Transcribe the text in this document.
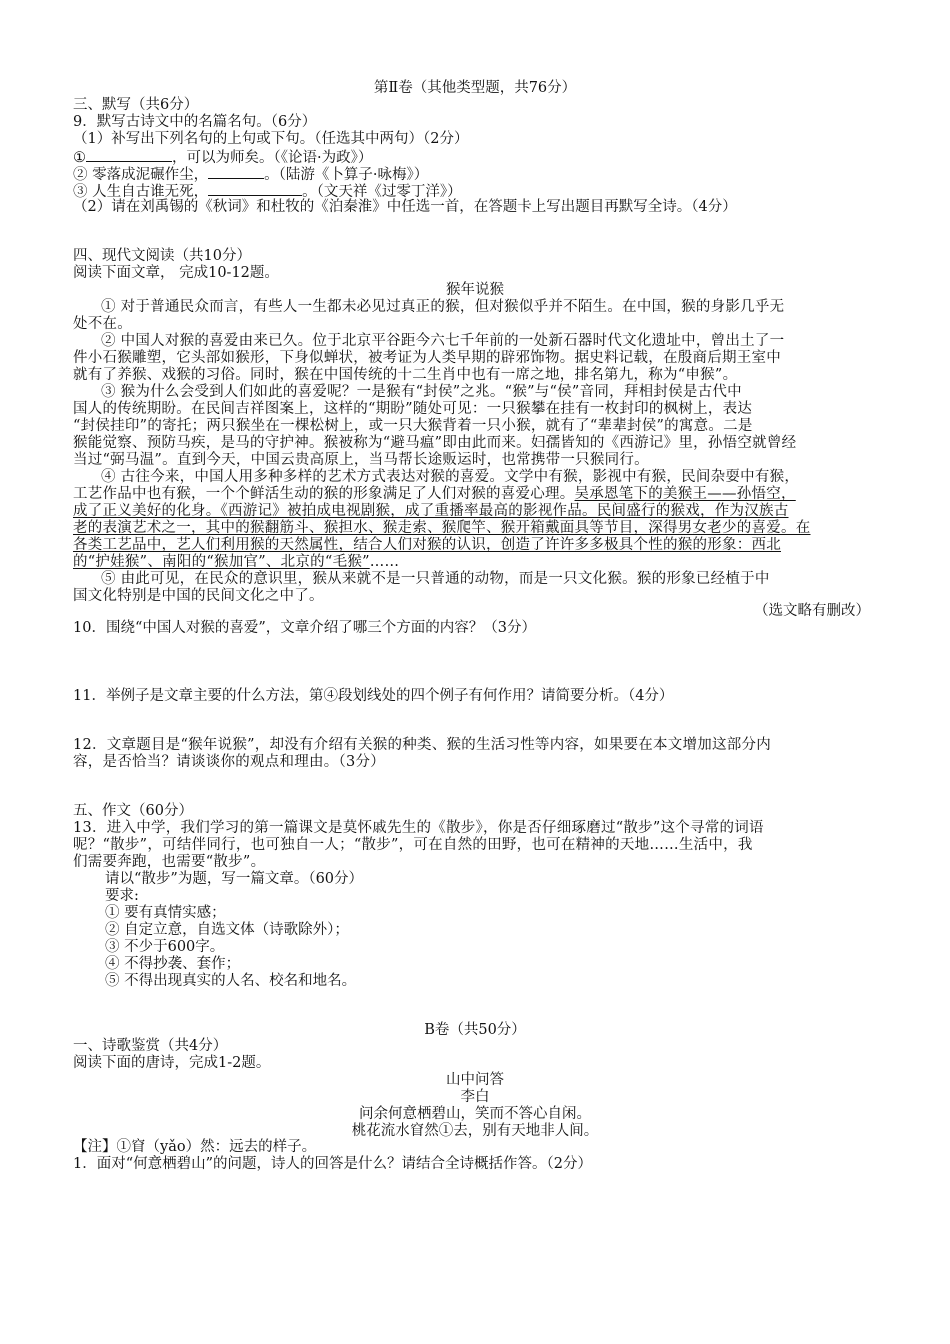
第Ⅱ卷（其他类型题，共76分）
三、默写（共6分）
9．默写古诗文中的名篇名句。（6分）
（1）补写出下列名句的上句或下句。（任选其中两句）（2分）
①	，可以为师矣。（《论语·为政》）
② 零落成泥碾作尘，	。（陆游《卜算子·咏梅》）
③ 人生自古谁无死，	。（文天祥《过零丁洋》）
（2）请在刘禹锡的《秋词》和杜牧的《泊秦淮》中任选一首，在答题卡上写出题目再默写全诗。（4分）
四、现代文阅读（共10分）
阅读下面文章， 完成10-12题。
猴年说猴
① 对于普通民众而言，有些人一生都未必见过真正的猴，但对猴似乎并不陌生。在中国，猴的身影几乎无
处不在。
② 中国人对猴的喜爱由来已久。位于北京平谷距今六七千年前的一处新石器时代文化遗址中，曾出土了一
件小石猴雕塑，它头部如猴形，下身似蝉状，被考证为人类早期的辟邪饰物。据史料记载，在殷商后期王室中
就有了养猴、戏猴的习俗。同时，猴在中国传统的十二生肖中也有一席之地，排名第九，称为“申猴”。
③ 猴为什么会受到人们如此的喜爱呢？一是猴有“封侯”之兆。“猴”与“侯”音同，拜相封侯是古代中
国人的传统期盼。在民间吉祥图案上，这样的“期盼”随处可见：一只猴攀在挂有一枚封印的枫树上，表达
“封侯挂印”的寄托；两只猴坐在一棵松树上，或一只大猴背着一只小猴，就有了“辈辈封侯”的寓意。二是
猴能觉察、预防马疾，是马的守护神。猴被称为“避马瘟”即由此而来。妇孺皆知的《西游记》里，孙悟空就曾经
当过“弼马温”。直到今天，中国云贵高原上，当马帮长途贩运时，也常携带一只猴同行。
④ 古往今来，中国人用多种多样的艺术方式表达对猴的喜爱。文学中有猴，影视中有猴，民间杂耍中有猴，
工艺作品中也有猴，一个个鲜活生动的猴的形象满足了人们对猴的喜爱心理。吴承恩笔下的美猴王——孙悟空，
成了正义美好的化身。《西游记》被拍成电视剧猴，成了重播率最高的影视作品。民间盛行的猴戏，作为汉族古
老的表演艺术之一，其中的猴翻筋斗、猴担水、猴走索、猴爬竿、猴开箱戴面具等节目，深得男女老少的喜爱。在
各类工艺品中，艺人们利用猴的天然属性，结合人们对猴的认识，创造了许许多多极具个性的猴的形象：西北
的“护娃猴”、南阳的“猴加官”、北京的“毛猴”……
⑤ 由此可见，在民众的意识里，猴从来就不是一只普通的动物，而是一只文化猴。猴的形象已经植于中
国文化特别是中国的民间文化之中了。
（选文略有删改）
10．围绕“中国人对猴的喜爱”，文章介绍了哪三个方面的内容？（3分）
11．举例子是文章主要的什么方法，第④段划线处的四个例子有何作用？请简要分析。（4分）
12．文章题目是“猴年说猴”，却没有介绍有关猴的种类、猴的生活习性等内容，如果要在本文增加这部分内
容，是否恰当？请谈谈你的观点和理由。（3分）
五、作文（60分）
13．进入中学，我们学习的第一篇课文是莫怀戚先生的《散步》，你是否仔细琢磨过“散步”这个寻常的词语
呢？“散步”，可结伴同行，也可独自一人；“散步”，可在自然的田野，也可在精神的天地……生活中，我
们需要奔跑，也需要“散步”。
请以“散步”为题，写一篇文章。（60分）
要求:
① 要有真情实感；
② 自定立意，自选文体（诗歌除外）；
③ 不少于600字。
④ 不得抄袭、套作；
⑤ 不得出现真实的人名、校名和地名。
B卷（共50分）
一、诗歌鉴赏（共4分）
阅读下面的唐诗，完成1-2题。
山中问答
李白
问余何意栖碧山，笑而不答心自闲。
桃花流水窅然①去，别有天地非人间。
【注】①窅（yǎo）然：远去的样子。
1．面对“何意栖碧山”的问题，诗人的回答是什么？请结合全诗概括作答。（2分）
